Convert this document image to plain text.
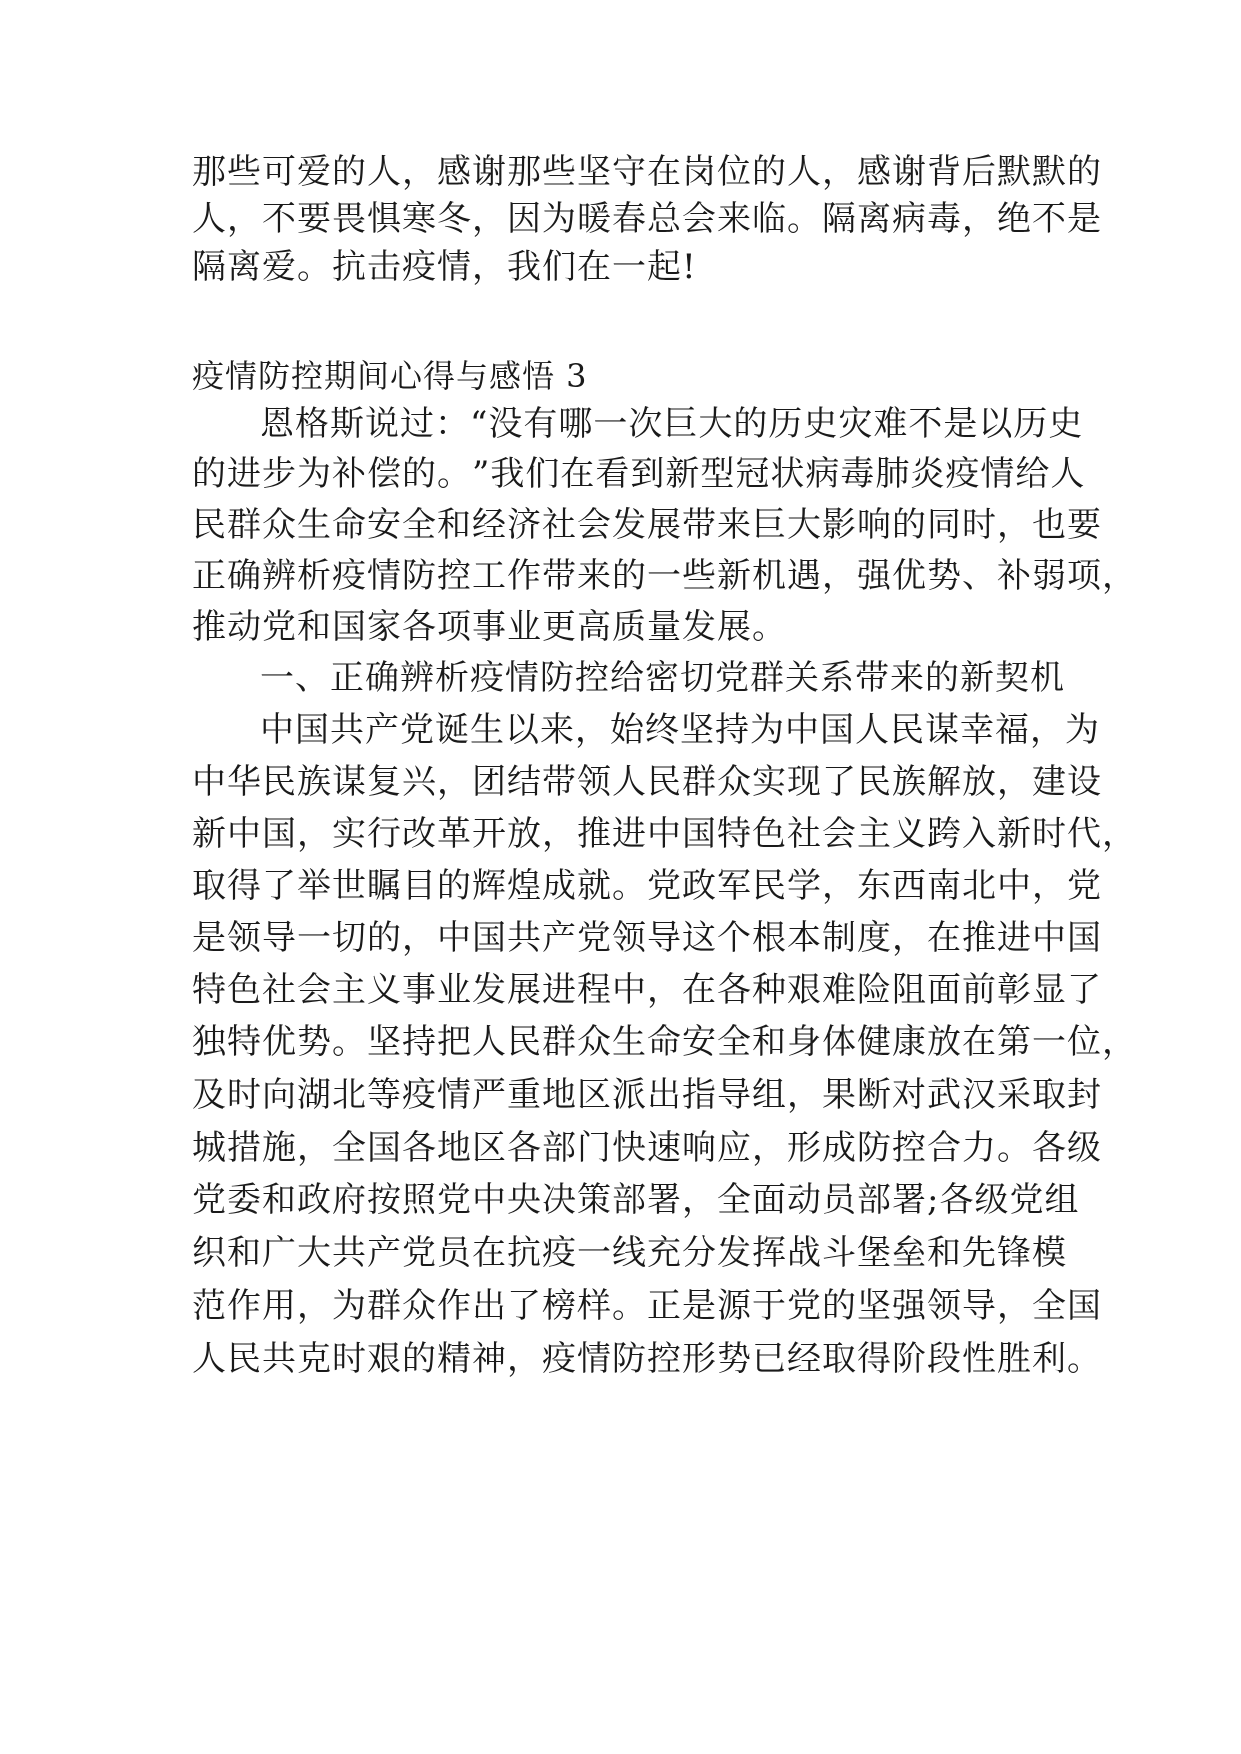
那 些 可 爱 的 人 ， 感 谢 那 些 坚 守 在 岗 位 的 人 ， 感 谢 背 后 默 默 的
人 ， 不 要 畏 惧 寒 冬 ， 因 为 暖 春 总 会 来 临 。 隔 离 病 毒 ， 绝 不 是
隔离爱。抗击疫情，我们在一起!
疫情防控期间心得与感悟 3
恩 格 斯 说 过 ： “ 没 有 哪 一 次 巨 大 的 历 史 灾 难 不 是 以 历 史
的 进 步 为 补 偿 的 。 ” 我 们 在 看 到 新 型 冠 状 病 毒 肺 炎 疫 情 给 人
民 群 众 生 命 安 全 和 经 济 社 会 发 展 带 来 巨 大 影 响 的 同 时 ， 也 要
正 确 辨 析 疫 情 防 控 工 作 带 来 的 一 些 新 机 遇 ， 强 优 势 、 补 弱 项 ，
推动党和国家各项事业更高质量发展。
一、正确辨析疫情防控给密切党群关系带来的新契机
中 国 共 产 党 诞 生 以 来 ， 始 终 坚 持 为 中 国 人 民 谋 幸 福 ， 为
中 华 民 族 谋 复 兴 ， 团 结 带 领 人 民 群 众 实 现 了 民 族 解 放 ， 建 设
新 中 国 ， 实 行 改 革 开 放 ， 推 进 中 国 特 色 社 会 主 义 跨 入 新 时 代 ，
取 得 了 举 世 瞩 目 的 辉 煌 成 就 。 党 政 军 民 学 ， 东 西 南 北 中 ， 党
是 领 导 一 切 的 ， 中 国 共 产 党 领 导 这 个 根 本 制 度 ， 在 推 进 中 国
特 色 社 会 主 义 事 业 发 展 进 程 中 ， 在 各 种 艰 难 险 阻 面 前 彰 显 了
独 特 优 势 。 坚 持 把 人 民 群 众 生 命 安 全 和 身 体 健 康 放 在 第 一 位 ，
及 时 向 湖 北 等 疫 情 严 重 地 区 派 出 指 导 组 ， 果 断 对 武 汉 采 取 封
城 措 施 ， 全 国 各 地 区 各 部 门 快 速 响 应 ， 形 成 防 控 合 力 。 各 级
党 委 和 政 府 按 照 党 中 央 决 策 部 署 ， 全 面 动 员 部 署 ; 各 级 党 组
织 和 广 大 共 产 党 员 在 抗 疫 一 线 充 分 发 挥 战 斗 堡 垒 和 先 锋 模
范 作 用 ， 为 群 众 作 出 了 榜 样 。 正 是 源 于 党 的 坚 强 领 导 ， 全 国
人 民 共 克 时 艰 的 精 神 ， 疫 情 防 控 形 势 已 经 取 得 阶 段 性 胜 利 。
